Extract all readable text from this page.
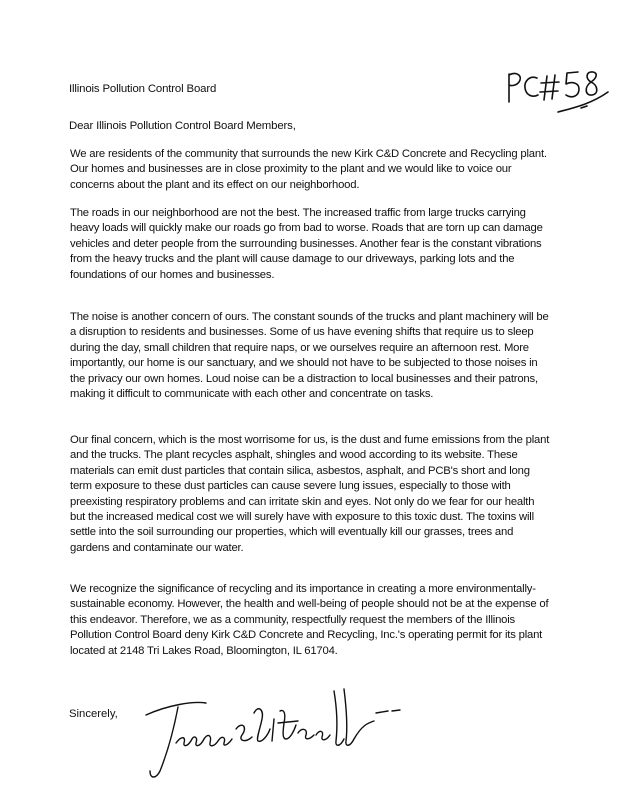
Illinois Pollution Control Board
Dear Illinois Pollution Control Board Members,

We are residents of the community that surrounds the new Kirk C&D Concrete and Recycling plant. Our homes and businesses are in close proximity to the plant and we would like to voice our concerns about the plant and its effect on our neighborhood.

The roads in our neighborhood are not the best. The increased traffic from large trucks carrying heavy loads will quickly make our roads go from bad to worse. Roads that are torn up can damage vehicles and deter people from the surrounding businesses. Another fear is the constant vibrations from the heavy trucks and the plant will cause damage to our driveways, parking lots and the foundations of our homes and businesses.

The noise is another concern of ours. The constant sounds of the trucks and plant machinery will be a disruption to residents and businesses. Some of us have evening shifts that require us to sleep during the day, small children that require naps, or we ourselves require an afternoon rest. More importantly, our home is our sanctuary, and we should not have to be subjected to those noises in the privacy our own homes. Loud noise can be a distraction to local businesses and their patrons, making it difficult to communicate with each other and concentrate on tasks.

Our final concern, which is the most worrisome for us, is the dust and fume emissions from the plant and the trucks. The plant recycles asphalt, shingles and wood according to its website. These materials can emit dust particles that contain silica, asbestos, asphalt, and PCB's short and long term exposure to these dust particles can cause severe lung issues, especially to those with preexisting respiratory problems and can irritate skin and eyes. Not only do we fear for our health but the increased medical cost we will surely have with exposure to this toxic dust. The toxins will settle into the soil surrounding our properties, which will eventually kill our grasses, trees and gardens and contaminate our water.

We recognize the significance of recycling and its importance in creating a more environmentally-sustainable economy. However, the health and well-being of people should not be at the expense of this endeavor. Therefore, we as a community, respectfully request the members of the Illinois Pollution Control Board deny Kirk C&D Concrete and Recycling, Inc.'s operating permit for its plant located at 2148 Tri Lakes Road, Bloomington, IL 61704.

Sincerely,
